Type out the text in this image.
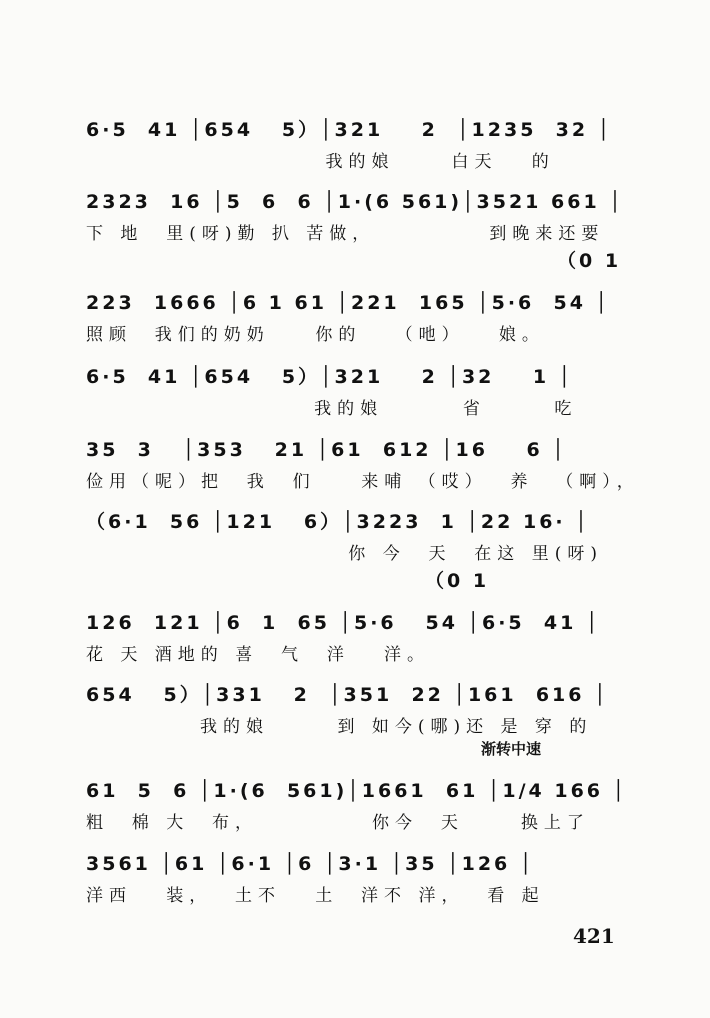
6·5  41 │654   5）│321    2  │1235  32 │
我的娘     白天   的
2323  16 │5  6  6 │1·(6 561)│3521 661 │
下 地  里(呀)勤 扒 苦做，          到晚来还要
（0 1
223  1666 │6 1 61 │221  165 │5·6  54 │
照顾  我们的奶奶    你的   （吔）   娘。
6·5  41 │654   5）│321    2 │32    1 │
我的娘       省      吃
35  3   │353   21 │61  612 │16    6 │
俭用（呢）把  我  们    来哺 （哎）  养  （啊），
（6·1  56 │121   6）│3223  1 │22 16· │
你 今  天  在这 里(呀)
（0 1
126  121 │6  1  65 │5·6   54 │6·5  41 │
花 天 酒地的 喜  气  洋   洋。
654   5）│331   2  │351  22 │161  616 │
我的娘      到 如今(哪)还 是 穿 的
渐转中速
61  5  6 │1·(6  561)│1661  61 │1/4 166 │
粗  棉 大  布，          你今  天     换上了
3561 │61 │6·1 │6 │3·1 │35 │126 │
洋西   装，  土不   土  洋不 洋，  看 起
421
